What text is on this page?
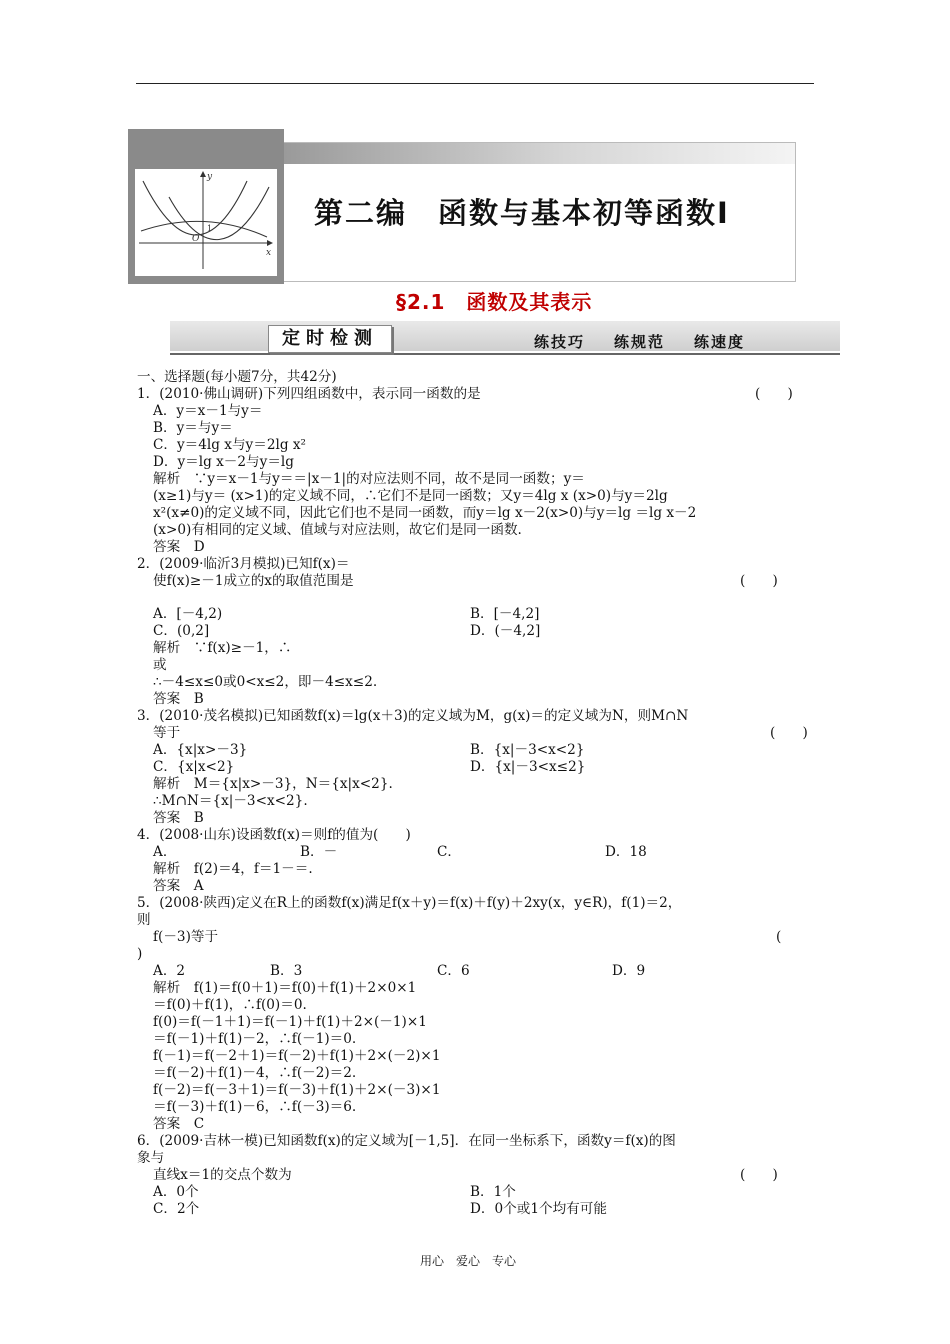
y
x
O
1	第二编　函数与基本初等函数Ⅰ
§2.1　函数及其表示
定时检测	练技巧 练规范 练速度
一、选择题(每小题7分，共42分)
1．(2010·佛山调研)下列四组函数中，表示同一函数的是	(　　)
A．y＝x－1与y＝
B．y＝与y＝
C．y＝4lg x与y＝2lg x²
D．y＝lg x－2与y＝lg
解析　∵y＝x－1与y＝＝|x－1|的对应法则不同，故不是同一函数；y＝
(x≥1)与y＝ (x>1)的定义域不同，∴它们不是同一函数；又y＝4lg x (x>0)与y＝2lg
x²(x≠0)的定义域不同，因此它们也不是同一函数，而y＝lg x－2(x>0)与y＝lg ＝lg x－2
(x>0)有相同的定义域、值域与对应法则，故它们是同一函数.
答案　D
2．(2009·临沂3月模拟)已知f(x)＝
使f(x)≥－1成立的x的取值范围是	(　　)
A．[－4,2)	B．[－4,2]
C．(0,2]	D．(－4,2]
解析　∵f(x)≥－1，∴
或
∴－4≤x≤0或0<x≤2，即－4≤x≤2.
答案　B
3．(2010·茂名模拟)已知函数f(x)＝lg(x＋3)的定义域为M，g(x)＝的定义域为N，则M∩N
等于	(　　)
A．{x|x>－3}	B．{x|－3<x<2}
C．{x|x<2}	D．{x|－3<x≤2}
解析　M＝{x|x>－3}，N＝{x|x<2}.
∴M∩N＝{x|－3<x<2}.
答案　B
4．(2008·山东)设函数f(x)＝则f的值为(　　)
A．	B．－	C．	D．18
解析　f(2)＝4，f＝1－＝.
答案　A
5．(2008·陕西)定义在R上的函数f(x)满足f(x＋y)＝f(x)＋f(y)＋2xy(x，y∈R)，f(1)＝2，
则
f(－3)等于	(
)
A．2	B．3	C．6	D．9
解析　f(1)＝f(0＋1)＝f(0)＋f(1)＋2×0×1
＝f(0)＋f(1)，∴f(0)＝0.
f(0)＝f(－1＋1)＝f(－1)＋f(1)＋2×(－1)×1
＝f(－1)＋f(1)－2，∴f(－1)＝0.
f(－1)＝f(－2＋1)＝f(－2)＋f(1)＋2×(－2)×1
＝f(－2)＋f(1)－4，∴f(－2)＝2.
f(－2)＝f(－3＋1)＝f(－3)＋f(1)＋2×(－3)×1
＝f(－3)＋f(1)－6，∴f(－3)＝6.
答案　C
6．(2009·吉林一模)已知函数f(x)的定义域为[－1,5]．在同一坐标系下，函数y＝f(x)的图
象与
直线x＝1的交点个数为	(　　)
A．0个	B．1个
C．2个	D．0个或1个均有可能
用心　爱心　专心
